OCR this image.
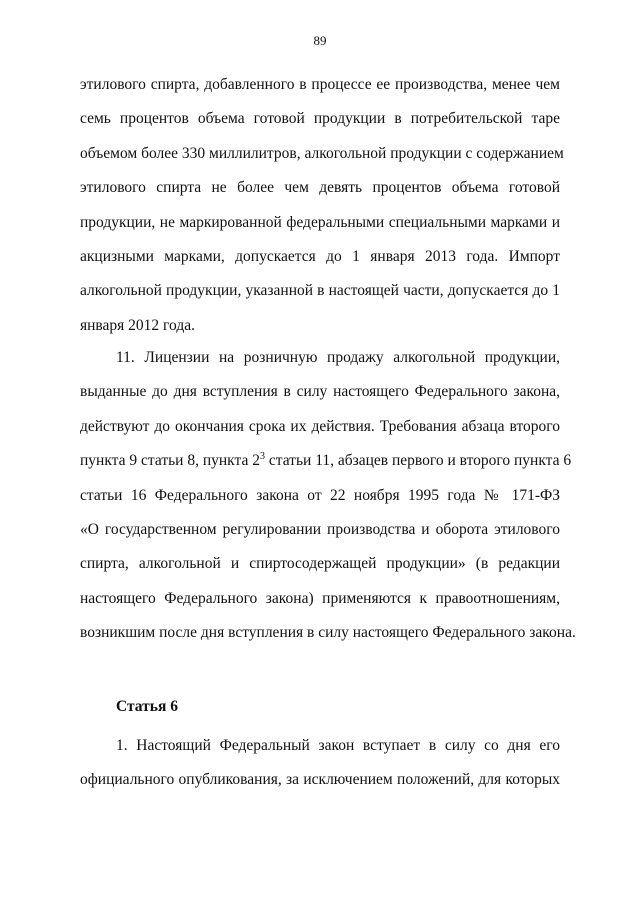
89
этилового спирта, добавленного в процессе ее производства, менее чем
семь процентов объема готовой продукции в потребительской таре
объемом более 330 миллилитров, алкогольной продукции с содержанием
этилового спирта не более чем девять процентов объема готовой
продукции, не маркированной федеральными специальными марками и
акцизными марками, допускается до 1 января 2013 года. Импорт
алкогольной продукции, указанной в настоящей части, допускается до 1
января 2012 года.
11. Лицензии на розничную продажу алкогольной продукции,
выданные до дня вступления в силу настоящего Федерального закона,
действуют до окончания срока их действия. Требования абзаца второго
пункта 9 статьи 8, пункта $2^3$ статьи 11, абзацев первого и второго пункта 6
статьи 16 Федерального закона от 22 ноября 1995 года № 171-ФЗ
«О государственном регулировании производства и оборота этилового
спирта, алкогольной и спиртосодержащей продукции» (в редакции
настоящего Федерального закона) применяются к правоотношениям,
возникшим после дня вступления в силу настоящего Федерального закона.
Статья 6
1. Настоящий Федеральный закон вступает в силу со дня его
официального опубликования, за исключением положений, для которых
